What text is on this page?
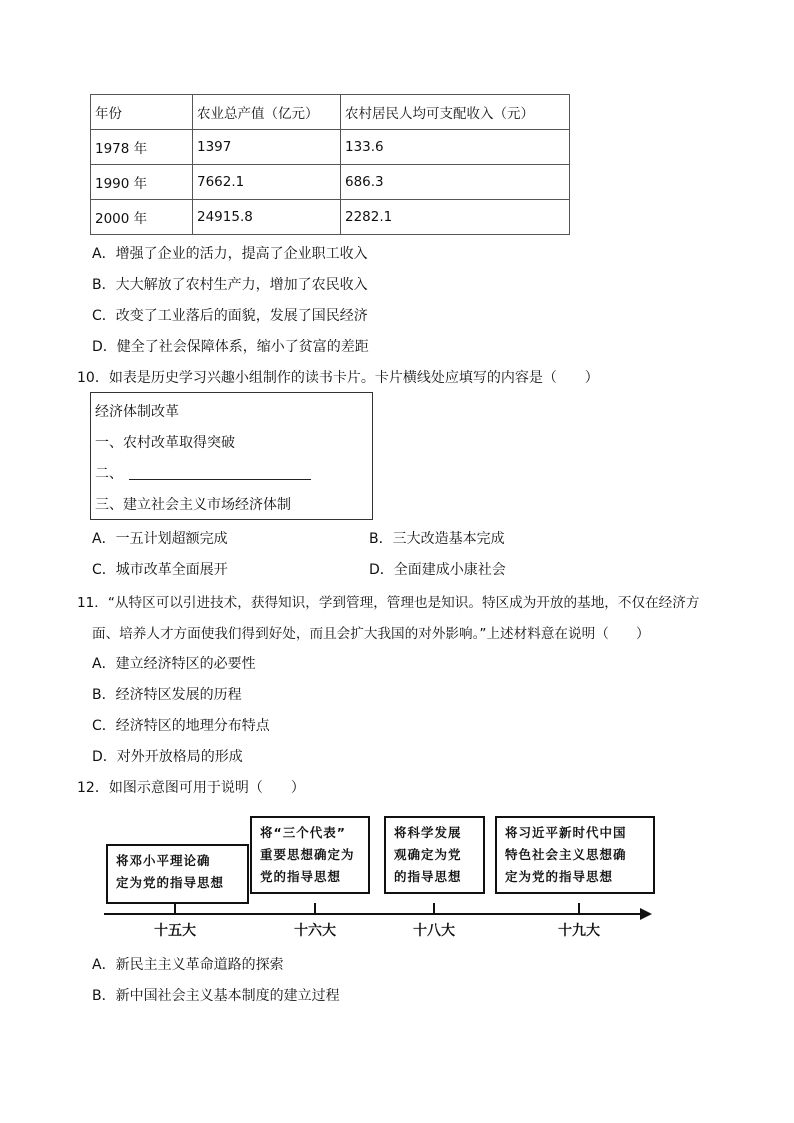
年份	农业总产值（亿元）	农村居民人均可支配收入（元）
1978 年	1397	133.6
1990 年	7662.1	686.3
2000 年	24915.8	2282.1
A．增强了企业的活力，提高了企业职工收入
B．大大解放了农村生产力，增加了农民收入
C．改变了工业落后的面貌，发展了国民经济
D．健全了社会保障体系，缩小了贫富的差距
10．如表是历史学习兴趣小组制作的读书卡片。卡片横线处应填写的内容是（　　）
经济体制改革
一、农村改革取得突破
二、
三、建立社会主义市场经济体制
A．一五计划超额完成	B．三大改造基本完成
C．城市改革全面展开	D．全面建成小康社会
11．“从特区可以引进技术，获得知识，学到管理，管理也是知识。特区成为开放的基地，不仅在经济方
面、培养人才方面使我们得到好处，而且会扩大我国的对外影响。”上述材料意在说明（　　）
A．建立经济特区的必要性
B．经济特区发展的历程
C．经济特区的地理分布特点
D．对外开放格局的形成
12．如图示意图可用于说明（　　）
将邓小平理论确
定为党的指导思想
十五大
将“三个代表”
重要思想确定为
党的指导思想
十六大
将科学发展
观确定为党
的指导思想
十八大
将习近平新时代中国
特色社会主义思想确
定为党的指导思想
十九大
A．新民主主义革命道路的探索
B．新中国社会主义基本制度的建立过程
